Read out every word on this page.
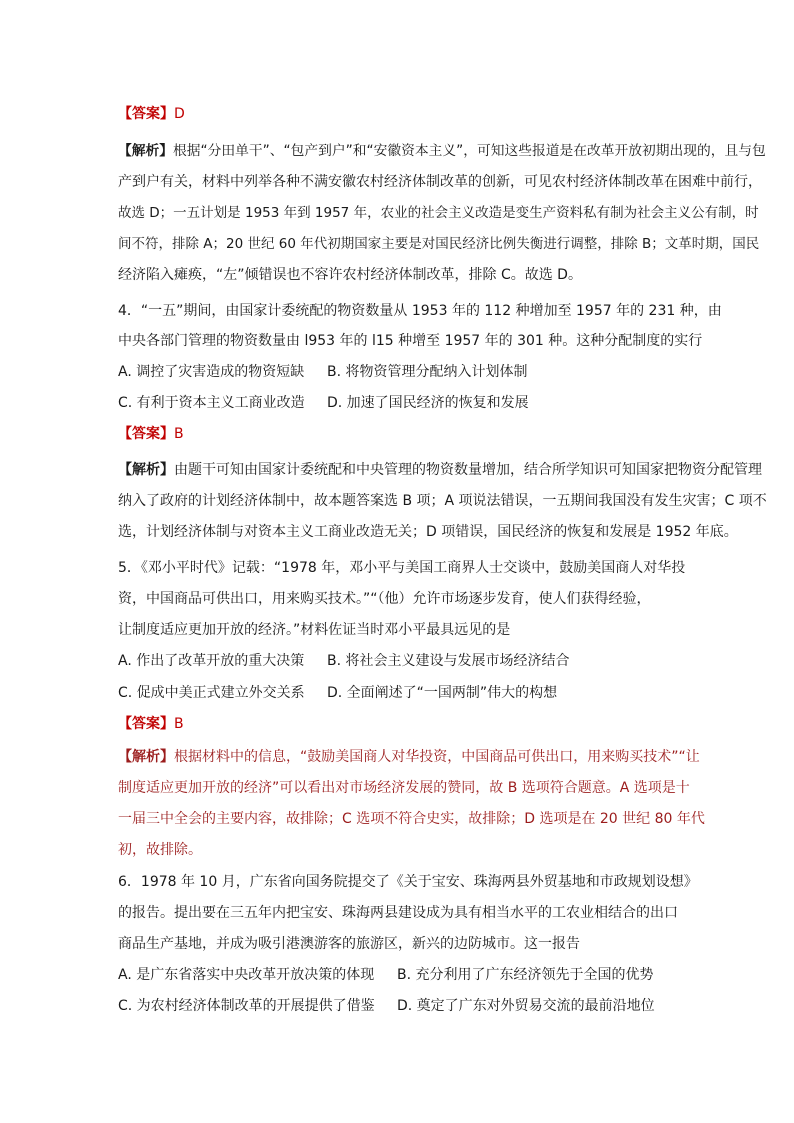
【答案】D
【解析】根据“分田单干”、“包产到户”和“安徽资本主义”，可知这些报道是在改革开放初期出现的，且与包
产到户有关，材料中列举各种不满安徽农村经济体制改革的创新，可见农村经济体制改革在困难中前行，
故选 D；一五计划是 1953 年到 1957 年，农业的社会主义改造是变生产资料私有制为社会主义公有制，时
间不符，排除 A；20 世纪 60 年代初期国家主要是对国民经济比例失衡进行调整，排除 B；文革时期，国民
经济陷入瘫痪，“左”倾错误也不容许农村经济体制改革，排除 C。故选 D。
4．“一五”期间，由国家计委统配的物资数量从 1953 年的 112 种增加至 1957 年的 231 种，由
中央各部门管理的物资数量由 l953 年的 l15 种增至 1957 年的 301 种。这种分配制度的实行
A. 调控了灾害造成的物资短缺 B. 将物资管理分配纳入计划体制
C. 有利于资本主义工商业改造 D. 加速了国民经济的恢复和发展
【答案】B
【解析】由题干可知由国家计委统配和中央管理的物资数量增加，结合所学知识可知国家把物资分配管理
纳入了政府的计划经济体制中，故本题答案选 B 项；A 项说法错误，一五期间我国没有发生灾害；C 项不
选，计划经济体制与对资本主义工商业改造无关；D 项错误，国民经济的恢复和发展是 1952 年底。
5．《邓小平时代》记载：“1978 年，邓小平与美国工商界人士交谈中，鼓励美国商人对华投
资，中国商品可供出口，用来购买技术。”“（他）允许市场逐步发育，使人们获得经验，
让制度适应更加开放的经济。”材料佐证当时邓小平最具远见的是
A. 作出了改革开放的重大决策 B. 将社会主义建设与发展市场经济结合
C. 促成中美正式建立外交关系 D. 全面阐述了“一国两制”伟大的构想
【答案】B
【解析】根据材料中的信息，“鼓励美国商人对华投资，中国商品可供出口，用来购买技术”“让
制度适应更加开放的经济”可以看出对市场经济发展的赞同，故 B 选项符合题意。A 选项是十
一届三中全会的主要内容，故排除；C 选项不符合史实，故排除；D 选项是在 20 世纪 80 年代
初，故排除。
6．1978 年 10 月，广东省向国务院提交了《关于宝安、珠海两县外贸基地和市政规划设想》
的报告。提出要在三五年内把宝安、珠海两县建设成为具有相当水平的工农业相结合的出口
商品生产基地，并成为吸引港澳游客的旅游区，新兴的边防城市。这一报告
A. 是广东省落实中央改革开放决策的体现 B. 充分利用了广东经济领先于全国的优势
C. 为农村经济体制改革的开展提供了借鉴 D. 奠定了广东对外贸易交流的最前沿地位
